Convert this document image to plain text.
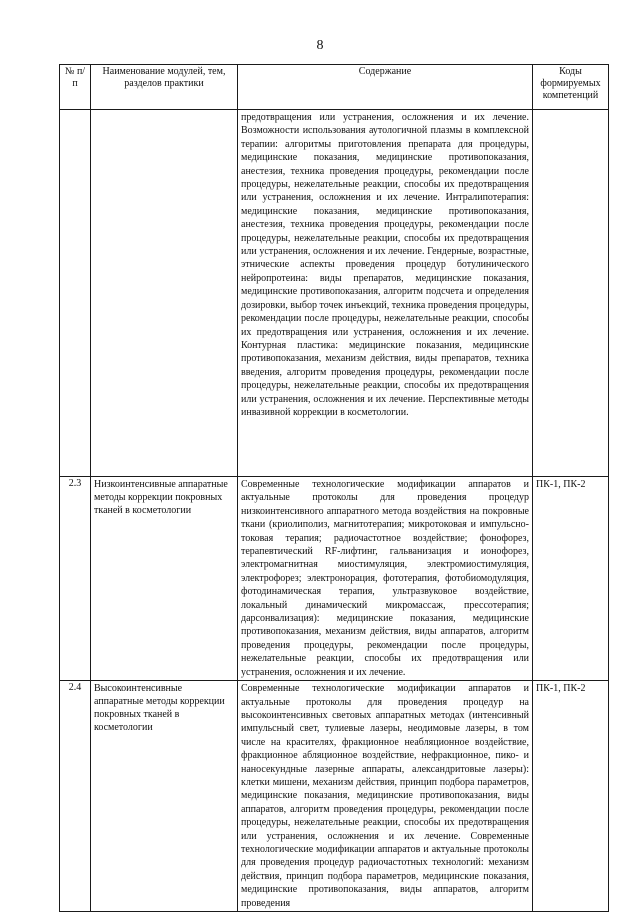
8
№ п/п	Наименование модулей, тем, разделов практики	Содержание	Коды формируемых компетенций
		предотвращения или устранения, осложнения и их лечение. Возможности использования аутологичной плазмы в комплексной терапии: алгоритмы приготовления препарата для процедуры, медицинские показания, медицинские противопоказания, анестезия, техника проведения процедуры, рекомендации после процедуры, нежелательные реакции, способы их предотвращения или устранения, осложнения и их лечение. Интралипотерапия: медицинские показания, медицинские противопоказания, анестезия, техника проведения процедуры, рекомендации после процедуры, нежелательные реакции, способы их предотвращения или устранения, осложнения и их лечение. Гендерные, возрастные, этнические аспекты проведения процедур ботулинического нейропротеина: виды препаратов, медицинские показания, медицинские противопоказания, алгоритм подсчета и определения дозировки, выбор точек инъекций, техника проведения процедуры, рекомендации после процедуры, нежелательные реакции, способы их предотвращения или устранения, осложнения и их лечение. Контурная пластика: медицинские показания, медицинские противопоказания, механизм действия, виды препаратов, техника введения, алгоритм проведения процедуры, рекомендации после процедуры, нежелательные реакции, способы их предотвращения или устранения, осложнения и их лечение. Перспективные методы инвазивной коррекции в косметологии.	
2.3	Низкоинтенсивные аппаратные методы коррекции покровных тканей в косметологии	Современные технологические модификации аппаратов и актуальные протоколы для проведения процедур низкоинтенсивного аппаратного метода воздействия на покровные ткани (криолиполиз, магнитотерапия; микротоковая и импульсно-токовая терапия; радиочастотное воздействие; фонофорез, терапевтический RF-лифтинг, гальванизация и ионофорез, электромагнитная миостимуляция, электромиостимуляция, электрофорез; электронорация, фототерапия, фотобиомодуляция, фотодинамическая терапия, ультразвуковое воздействие, локальный динамический микромассаж, прессотерапия; дарсонвализация): медицинские показания, медицинские противопоказания, механизм действия, виды аппаратов, алгоритм проведения процедуры, рекомендации после процедуры, нежелательные реакции, способы их предотвращения или устранения, осложнения и их лечение.	ПК-1, ПК-2
2.4	Высокоинтенсивные аппаратные методы коррекции покровных тканей в косметологии	Современные технологические модификации аппаратов и актуальные протоколы для проведения процедур на высокоинтенсивных световых аппаратных методах (интенсивный импульсный свет, тулиевые лазеры, неодимовые лазеры, в том числе на красителях, фракционное неабляционное воздействие, фракционное абляционное воздействие, нефракционное, пико- и наносекундные лазерные аппараты, александритовые лазеры): клетки мишени, механизм действия, принцип подбора параметров, медицинские показания, медицинские противопоказания, виды аппаратов, алгоритм проведения процедуры, рекомендации после процедуры, нежелательные реакции, способы их предотвращения или устранения, осложнения и их лечение. Современные технологические модификации аппаратов и актуальные протоколы для проведения процедур радиочастотных технологий: механизм действия, принцип подбора параметров, медицинские показания, медицинские противопоказания, виды аппаратов, алгоритм проведения	ПК-1, ПК-2
